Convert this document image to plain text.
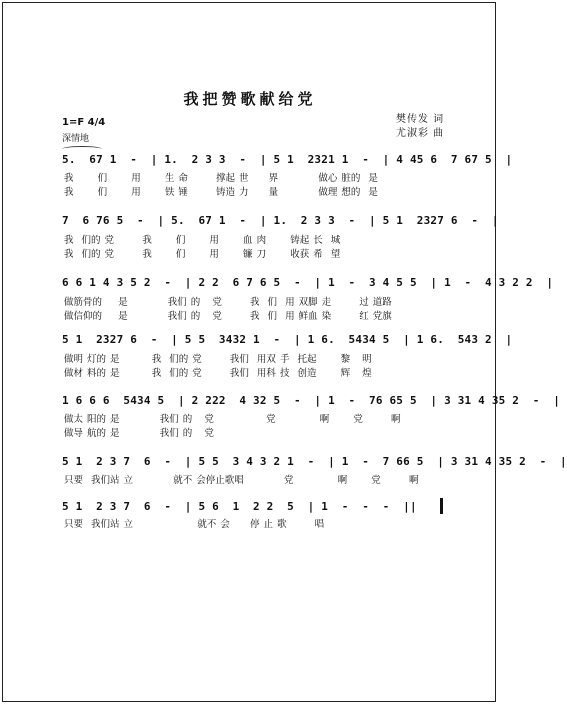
我把赞歌献给党
樊传发 词
尤淑彩 曲
1=F 4/4
深情地
5.  67 1  -  | 1.  2 3 3  -  | 5 1  2321 1  -  | 4 45 6  7 67 5  |
我      们      用      生 命       撑起 世     界          做心 脏的  是
我      们      用      铁 锤       铸造 力     量          做理 想的  是
7  6 76 5  -  | 5.  67 1  -  | 1.  2 3 3  -  | 5 1  2327 6  -  |
我  们的 党       我      们      用      血 肉      铸起 长  城
我  们的 党       我      们      用      镰 刀      收获 希  望
6 6 1 4 3 5 2  -  | 2 2  6 7 6 5  -  | 1  -  3 4 5 5  | 1  -  4 3 2 2  |
做筋骨的    是          我们 的   党       我  们  用 双脚 走       过 道路
做信仰的    是          我们 的   党       我  们  用 鲜血 染       红 党旗
5 1  2327 6  -  | 5 5  3432 1  -  | 1 6.  5434 5  | 1 6.  543 2  |
做明 灯的 是        我  们的 党       我们  用双 手  托起      黎   明
做材 料的 是        我  们的 党       我们  用科 技  创造      辉   煌
1 6 6 6  5434 5  | 2 222  4 32 5  -  | 1  -  76 65 5  | 3 31 4 35 2  -  |
做太 阳的 是          我们 的   党             党           啊      党       啊
做导 航的 是          我们 的   党
5 1  2 3 7  6  -  | 5 5  3 4 3 2 1  -  | 1  -  7 66 5  | 3 31 4 35 2  -  |
只要  我们站 立          就不 会停止歌唱          党           啊      党       啊
5 1  2 3 7  6  -  | 5 6  1  2 2  5  | 1  -  -  -  ||
只要  我们站 立                就不 会     停 止 歌       唱
